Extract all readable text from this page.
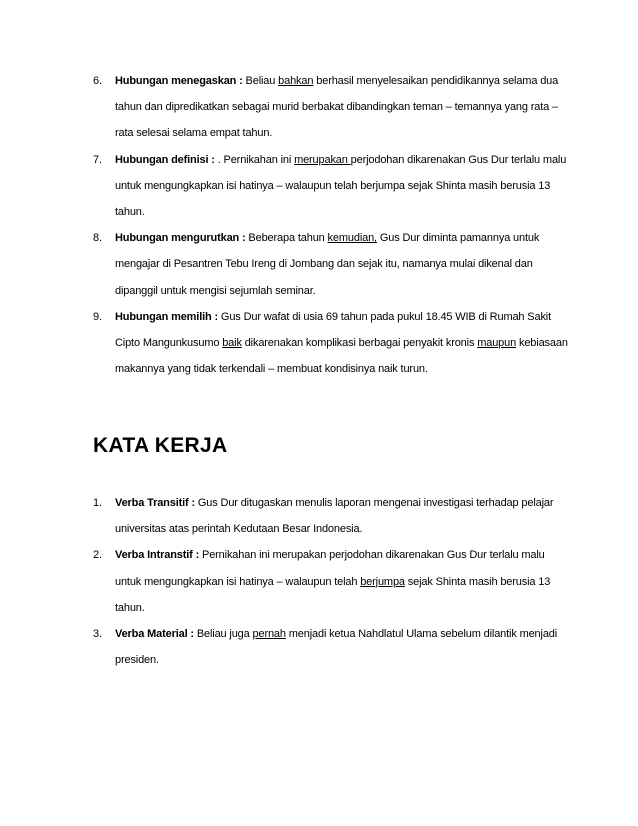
6. Hubungan menegaskan : Beliau bahkan berhasil menyelesaikan pendidikannya selama dua tahun dan dipredikatkan sebagai murid berbakat dibandingkan teman – temannya yang rata – rata selesai selama empat tahun.
7. Hubungan definisi : . Pernikahan ini merupakan perjodohan dikarenakan Gus Dur terlalu malu untuk mengungkapkan isi hatinya – walaupun telah berjumpa sejak Shinta masih berusia 13 tahun.
8. Hubungan mengurutkan : Beberapa tahun kemudian, Gus Dur diminta pamannya untuk mengajar di Pesantren Tebu Ireng di Jombang dan sejak itu, namanya mulai dikenal dan dipanggil untuk mengisi sejumlah seminar.
9. Hubungan memilih : Gus Dur wafat di usia 69 tahun pada pukul 18.45 WIB di Rumah Sakit Cipto Mangunkusumo baik dikarenakan komplikasi berbagai penyakit kronis maupun kebiasaan makannya yang tidak terkendali – membuat kondisinya naik turun.
KATA KERJA
1. Verba Transitif : Gus Dur ditugaskan menulis laporan mengenai investigasi terhadap pelajar universitas atas perintah Kedutaan Besar Indonesia.
2. Verba Intranstif : Pernikahan ini merupakan perjodohan dikarenakan Gus Dur terlalu malu untuk mengungkapkan isi hatinya – walaupun telah berjumpa sejak Shinta masih berusia 13 tahun.
3. Verba Material : Beliau juga pernah menjadi ketua Nahdlatul Ulama sebelum dilantik menjadi presiden.
